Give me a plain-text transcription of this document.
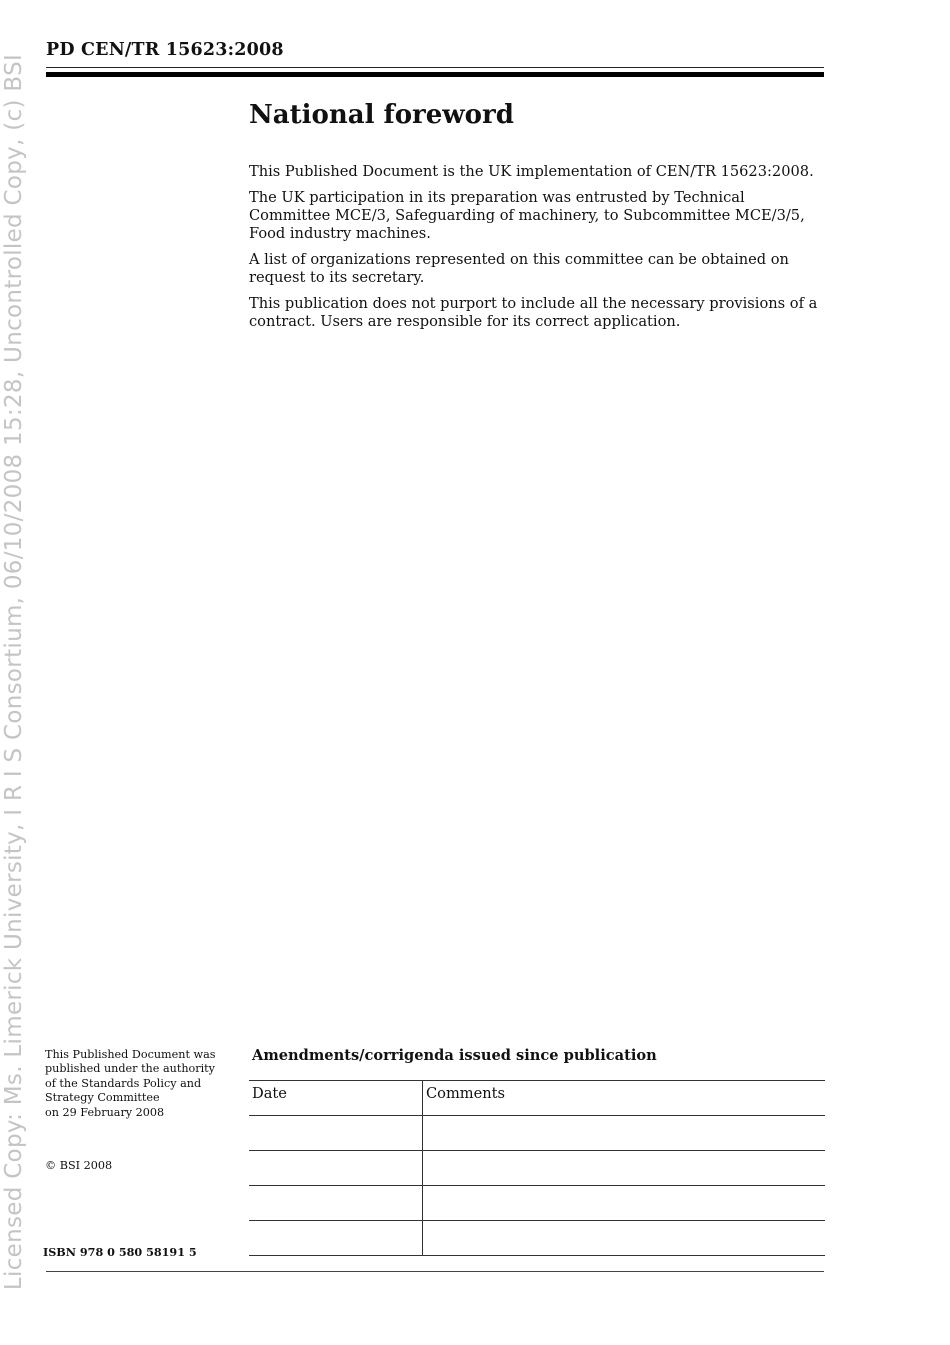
Licensed Copy: Ms. Limerick University, I R I S Consortium, 06/10/2008 15:28, Uncontrolled Copy, (c) BSI
PD CEN/TR 15623:2008
National foreword

This Published Document is the UK implementation of CEN/TR 15623:2008.

The UK participation in its preparation was entrusted by Technical Committee MCE/3, Safeguarding of machinery, to Subcommittee MCE/3/5, Food industry machines.

A list of organizations represented on this committee can be obtained on request to its secretary.

This publication does not purport to include all the necessary provisions of a contract. Users are responsible for its correct application.

This Published Document was
published under the authority
of the Standards Policy and
Strategy Committee
on 29 February 2008
© BSI 2008
ISBN 978 0 580 58191 5
Amendments/corrigenda issued since publication
Date	Comments
